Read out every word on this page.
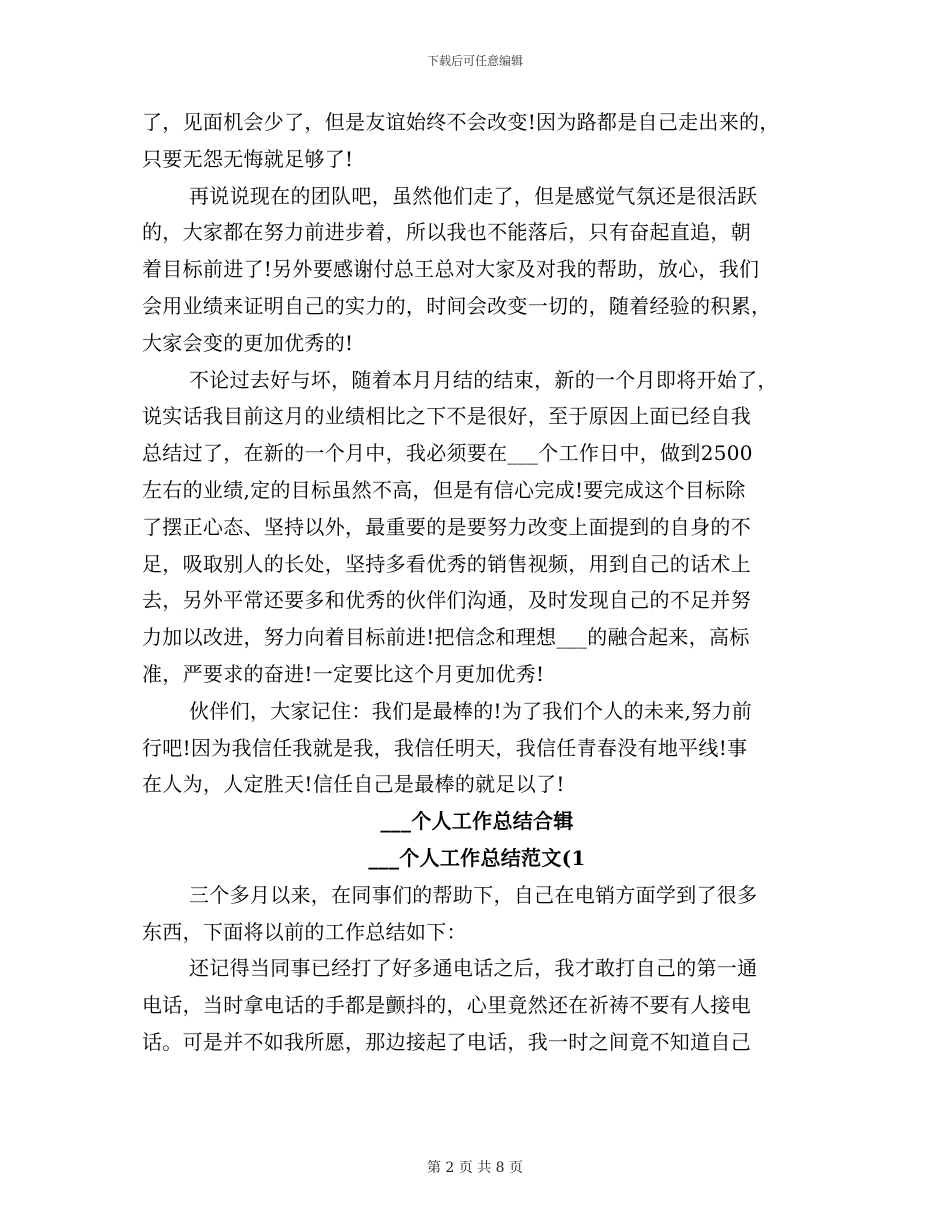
下载后可任意编辑
了，见面机会少了，但是友谊始终不会改变!因为路都是自己走出来的，
只要无怨无悔就足够了!
再说说现在的团队吧，虽然他们走了，但是感觉气氛还是很活跃
的，大家都在努力前进步着，所以我也不能落后，只有奋起直追，朝
着目标前进了!另外要感谢付总王总对大家及对我的帮助，放心，我们
会用业绩来证明自己的实力的，时间会改变一切的，随着经验的积累，
大家会变的更加优秀的!
不论过去好与坏，随着本月月结的结束，新的一个月即将开始了，
说实话我目前这月的业绩相比之下不是很好，至于原因上面已经自我
总结过了，在新的一个月中，我必须要在___个工作日中，做到2500
左右的业绩,定的目标虽然不高，但是有信心完成!要完成这个目标除
了摆正心态、坚持以外，最重要的是要努力改变上面提到的自身的不
足，吸取别人的长处，坚持多看优秀的销售视频，用到自己的话术上
去，另外平常还要多和优秀的伙伴们沟通，及时发现自己的不足并努
力加以改进，努力向着目标前进!把信念和理想___的融合起来，高标
准，严要求的奋进!一定要比这个月更加优秀!
伙伴们，大家记住：我们是最棒的!为了我们个人的未来,努力前
行吧!因为我信任我就是我，我信任明天，我信任青春没有地平线!事
在人为，人定胜天!信任自己是最棒的就足以了!
___个人工作总结合辑
___个人工作总结范文(1
三个多月以来，在同事们的帮助下，自己在电销方面学到了很多
东西，下面将以前的工作总结如下：
还记得当同事已经打了好多通电话之后，我才敢打自己的第一通
电话，当时拿电话的手都是颤抖的，心里竟然还在祈祷不要有人接电
话。可是并不如我所愿，那边接起了电话，我一时之间竟不知道自己
第 2 页 共 8 页
